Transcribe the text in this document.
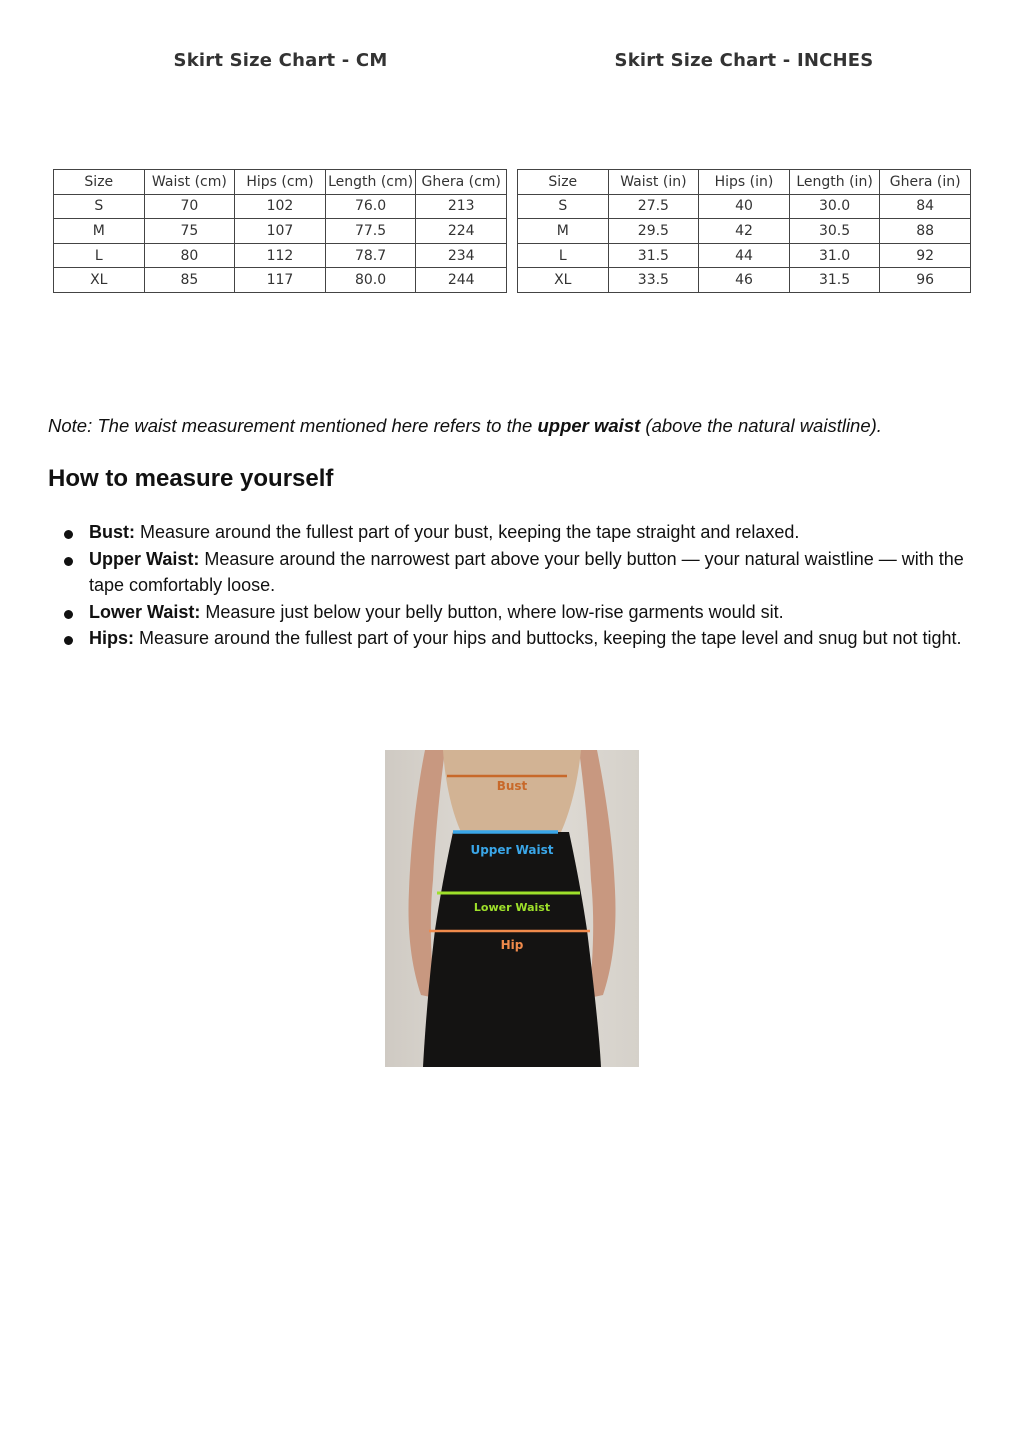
Skirt Size Chart - CM	Skirt Size Chart - INCHES
Size	Waist (cm)	Hips (cm)	Length (cm)	Ghera (cm)
S	70	102	76.0	213
M	75	107	77.5	224
L	80	112	78.7	234
XL	85	117	80.0	244
Size	Waist (in)	Hips (in)	Length (in)	Ghera (in)
S	27.5	40	30.0	84
M	29.5	42	30.5	88
L	31.5	44	31.0	92
XL	33.5	46	31.5	96
Note: The waist measurement mentioned here refers to the upper waist (above the natural waistline).
How to measure yourself
Bust: Measure around the fullest part of your bust, keeping the tape straight and relaxed.
Upper Waist: Measure around the narrowest part above your belly button — your natural waistline — with the tape comfortably loose.
Lower Waist: Measure just below your belly button, where low-rise garments would sit.
Hips: Measure around the fullest part of your hips and buttocks, keeping the tape level and snug but not tight.
Bust
Upper Waist
Lower Waist
Hip
